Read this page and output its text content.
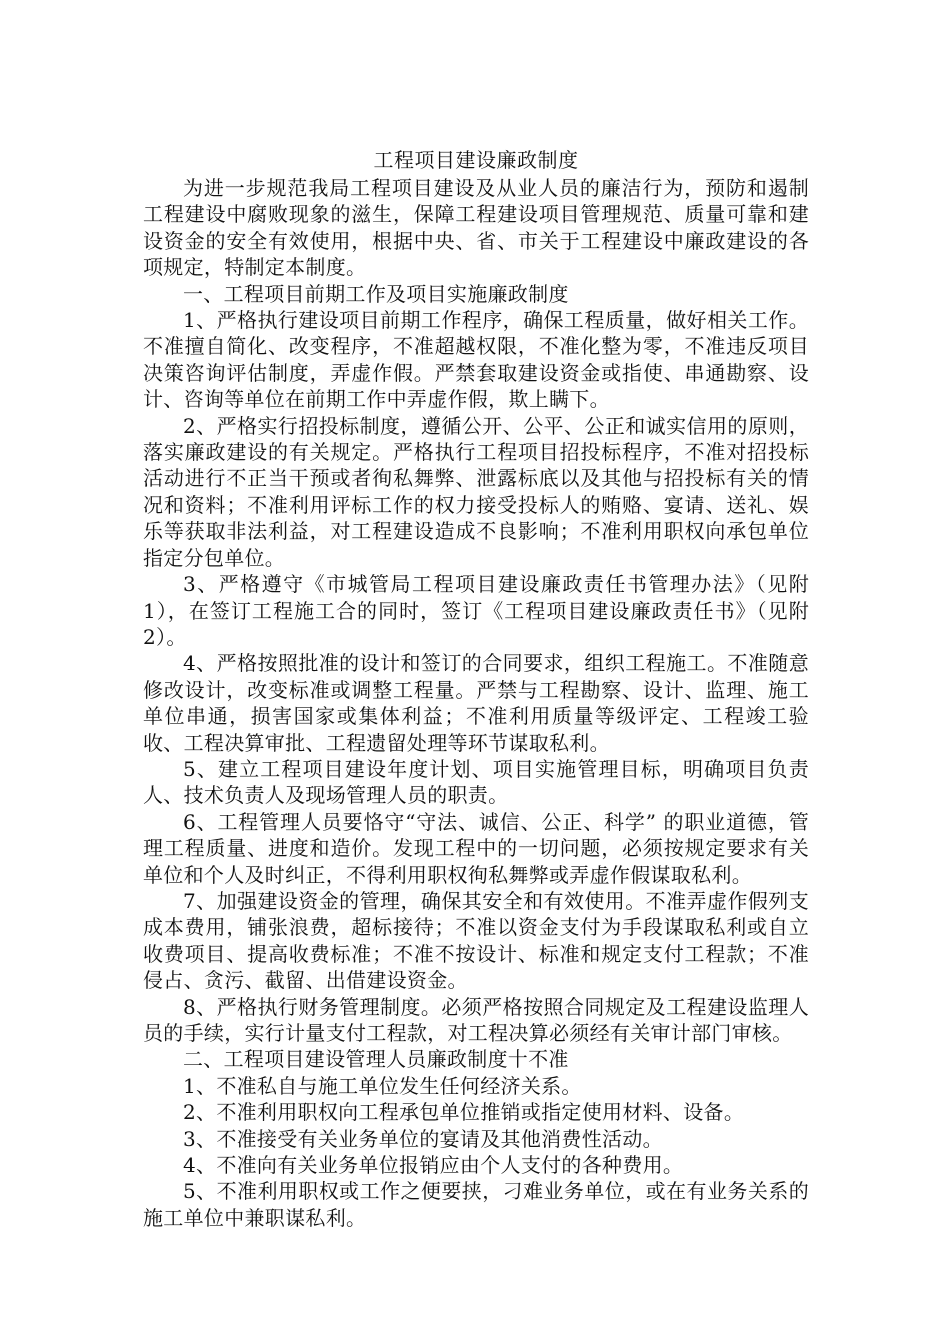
工程项目建设廉政制度

为进一步规范我局工程项目建设及从业人员的廉洁行为，预防和遏制工程建设中腐败现象的滋生，保障工程建设项目管理规范、质量可靠和建设资金的安全有效使用，根据中央、省、市关于工程建设中廉政建设的各项规定，特制定本制度。

一、工程项目前期工作及项目实施廉政制度

1、严格执行建设项目前期工作程序，确保工程质量，做好相关工作。不准擅自简化、改变程序，不准超越权限，不准化整为零，不准违反项目决策咨询评估制度，弄虚作假。严禁套取建设资金或指使、串通勘察、设计、咨询等单位在前期工作中弄虚作假，欺上瞒下。

2、严格实行招投标制度，遵循公开、公平、公正和诚实信用的原则，落实廉政建设的有关规定。严格执行工程项目招投标程序，不准对招投标活动进行不正当干预或者徇私舞弊、泄露标底以及其他与招投标有关的情况和资料；不准利用评标工作的权力接受投标人的贿赂、宴请、送礼、娱乐等获取非法利益，对工程建设造成不良影响；不准利用职权向承包单位指定分包单位。

3、严格遵守《市城管局工程项目建设廉政责任书管理办法》（见附1），在签订工程施工合的同时，签订《工程项目建设廉政责任书》（见附2）。

4、严格按照批准的设计和签订的合同要求，组织工程施工。不准随意修改设计，改变标准或调整工程量。严禁与工程勘察、设计、监理、施工单位串通，损害国家或集体利益；不准利用质量等级评定、工程竣工验收、工程决算审批、工程遗留处理等环节谋取私利。

5、建立工程项目建设年度计划、项目实施管理目标，明确项目负责人、技术负责人及现场管理人员的职责。

6、工程管理人员要恪守“守法、诚信、公正、科学” 的职业道德，管理工程质量、进度和造价。发现工程中的一切问题，必须按规定要求有关单位和个人及时纠正，不得利用职权徇私舞弊或弄虚作假谋取私利。

7、加强建设资金的管理，确保其安全和有效使用。不准弄虚作假列支成本费用，铺张浪费，超标接待；不准以资金支付为手段谋取私利或自立收费项目、提高收费标准；不准不按设计、标准和规定支付工程款；不准侵占、贪污、截留、出借建设资金。

8、严格执行财务管理制度。必须严格按照合同规定及工程建设监理人员的手续，实行计量支付工程款，对工程决算必须经有关审计部门审核。

二、工程项目建设管理人员廉政制度十不准

1、不准私自与施工单位发生任何经济关系。

2、不准利用职权向工程承包单位推销或指定使用材料、设备。

3、不准接受有关业务单位的宴请及其他消费性活动。

4、不准向有关业务单位报销应由个人支付的各种费用。

5、不准利用职权或工作之便要挟，刁难业务单位，或在有业务关系的施工单位中兼职谋私利。
